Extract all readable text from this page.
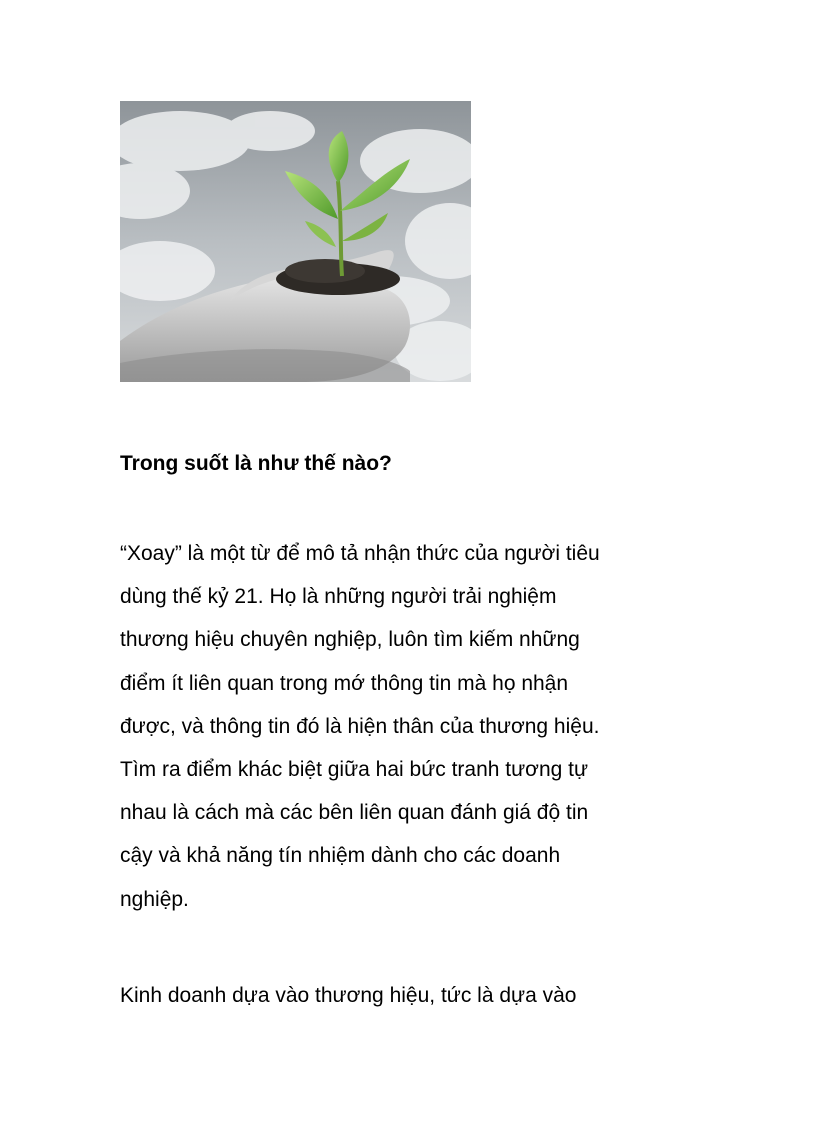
Trong suốt là như thế nào?

“Xoay” là một từ để mô tả nhận thức của người tiêu
dùng thế kỷ 21. Họ là những người trải nghiệm
thương hiệu chuyên nghiệp, luôn tìm kiếm những
điểm ít liên quan trong mớ thông tin mà họ nhận
được, và thông tin đó là hiện thân của thương hiệu.
Tìm ra điểm khác biệt giữa hai bức tranh tương tự
nhau là cách mà các bên liên quan đánh giá độ tin
cậy và khả năng tín nhiệm dành cho các doanh
nghiệp.

Kinh doanh dựa vào thương hiệu, tức là dựa vào
